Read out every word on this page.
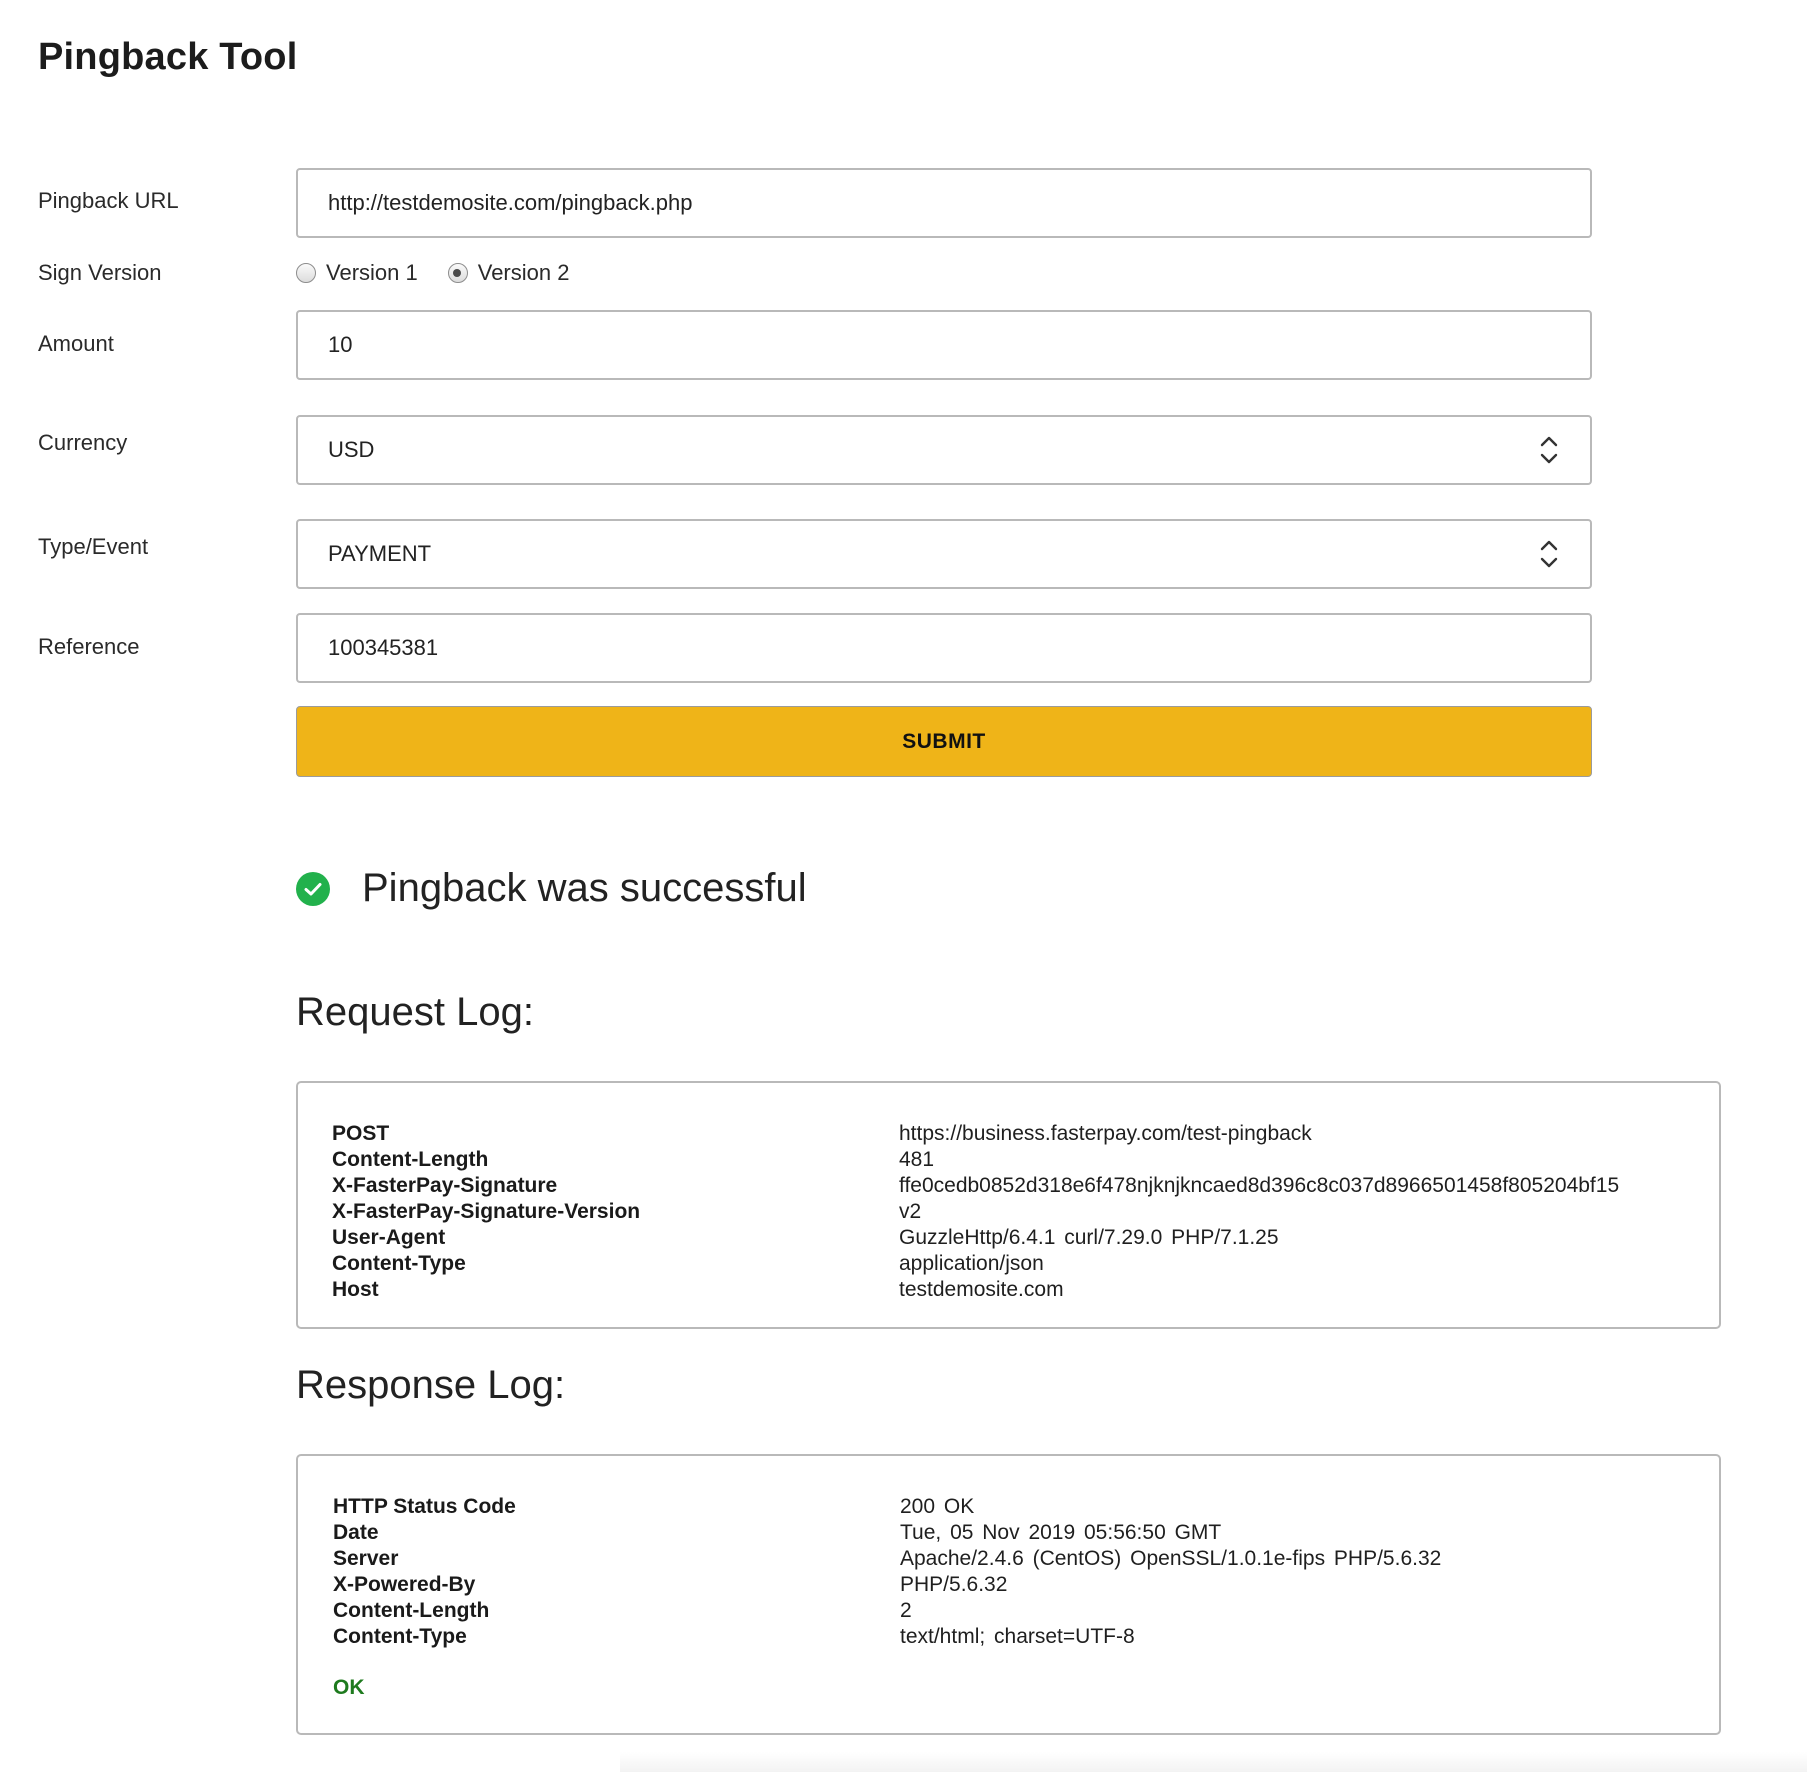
Pingback Tool
Pingback URL	http://testdemosite.com/pingback.php
Sign Version	Version 1	Version 2
Amount	10
Currency	USD
Type/Event	PAYMENT
Reference	100345381
SUBMIT
Pingback was successful
Request Log:
POST	https://business.fasterpay.com/test-pingback
Content-Length	481
X-FasterPay-Signature	ffe0cedb0852d318e6f478njknjkncaed8d396c8c037d8966501458f805204bf15
X-FasterPay-Signature-Version	v2
User-Agent	GuzzleHttp/6.4.1 curl/7.29.0 PHP/7.1.25
Content-Type	application/json
Host	testdemosite.com
Response Log:
HTTP Status Code	200 OK
Date	Tue, 05 Nov 2019 05:56:50 GMT
Server	Apache/2.4.6 (CentOS) OpenSSL/1.0.1e-fips PHP/5.6.32
X-Powered-By	PHP/5.6.32
Content-Length	2
Content-Type	text/html; charset=UTF-8
OK
